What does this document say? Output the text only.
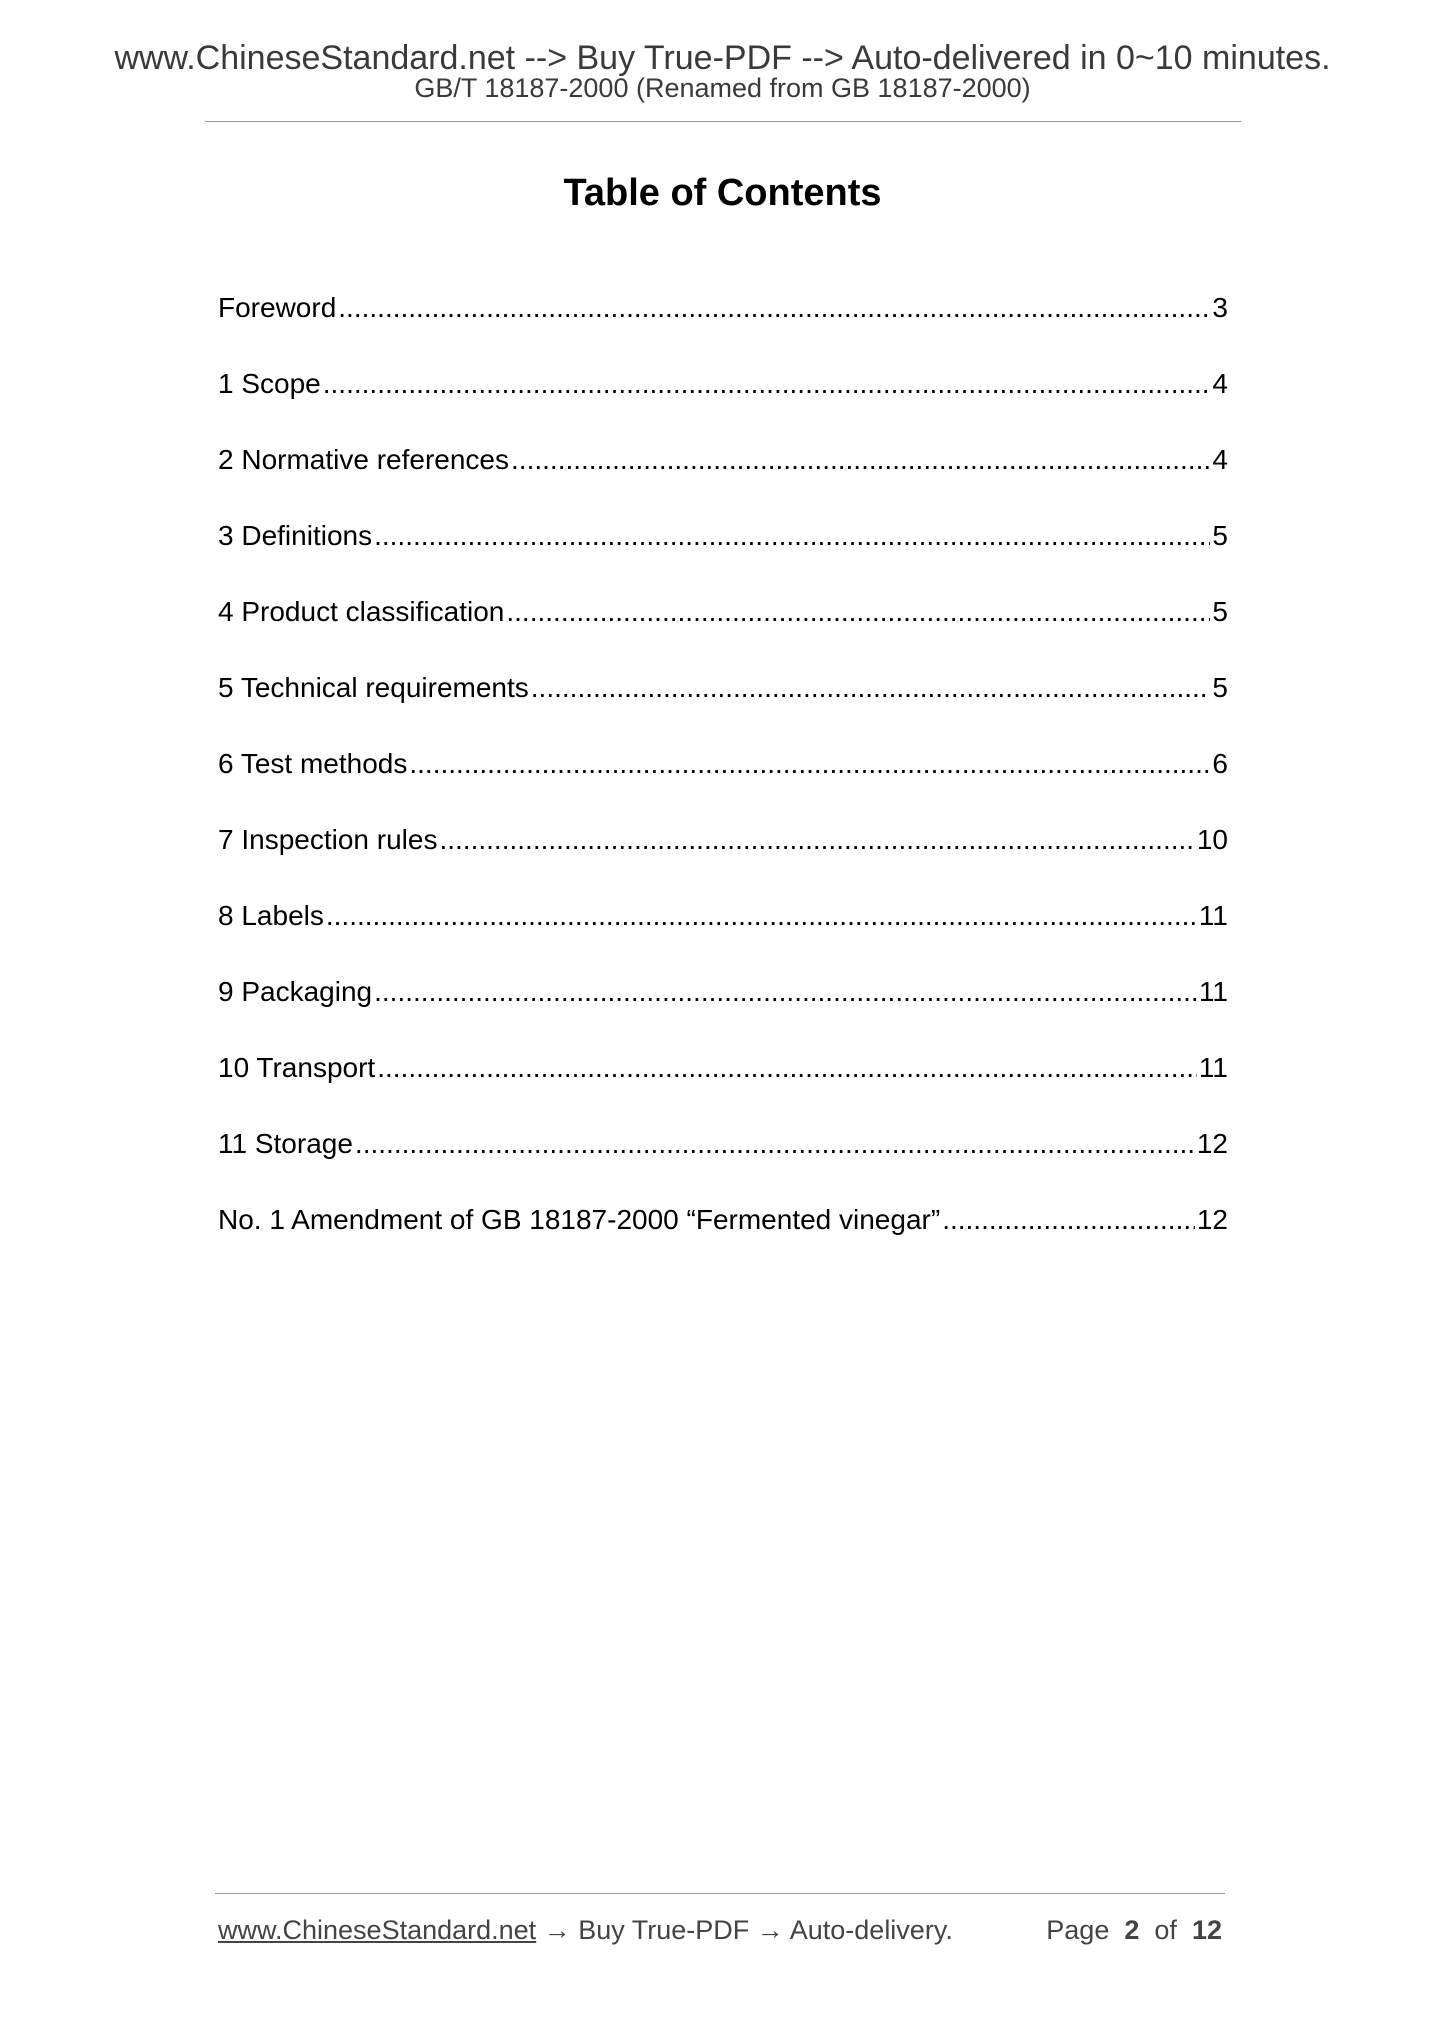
www.ChineseStandard.net --> Buy True-PDF --> Auto-delivered in 0~10 minutes.
GB/T 18187-2000 (Renamed from GB 18187-2000)
Table of Contents
Foreword .....	3
1 Scope .....	4
2 Normative references .....	4
3 Definitions .....	5
4 Product classification .....	5
5 Technical requirements .....	5
6 Test methods .....	6
7 Inspection rules .....	10
8 Labels .....	11
9 Packaging .....	11
10 Transport .....	11
11 Storage .....	12
No. 1 Amendment of GB 18187-2000 “Fermented vinegar” .....	12
www.ChineseStandard.net → Buy True-PDF → Auto-delivery.	Page 2 of 12
